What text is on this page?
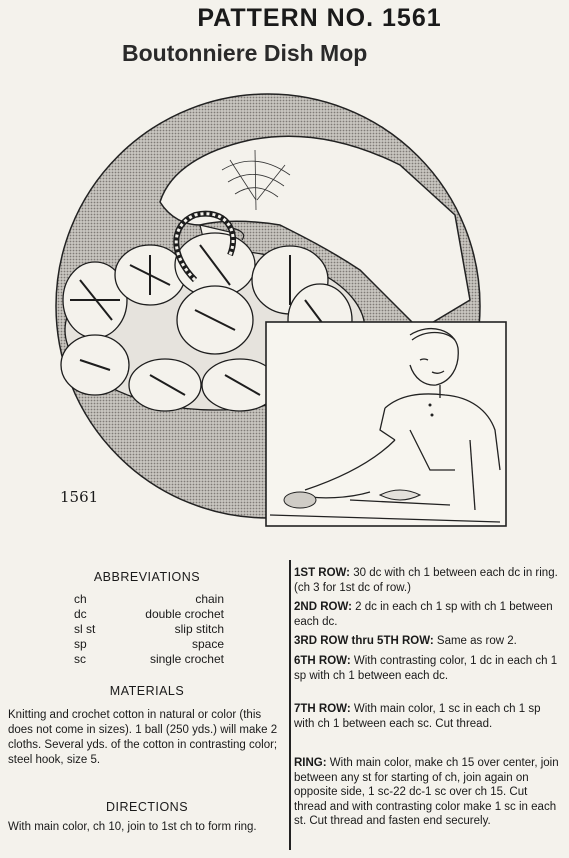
PATTERN NO. 1561
Boutonniere Dish Mop
1561
ABBREVIATIONS
ch	chain
dc	double crochet
sl st	slip stitch
sp	space
sc	single crochet
MATERIALS
Knitting and crochet cotton in natural or color (this does not come in sizes). 1 ball (250 yds.) will make 2 cloths. Several yds. of the cotton in contrasting color; steel hook, size 5.
DIRECTIONS
With main color, ch 10, join to 1st ch to form ring.

1ST ROW: 30 dc with ch 1 between each dc in ring. (ch 3 for 1st dc of row.)

2ND ROW: 2 dc in each ch 1 sp with ch 1 between each dc.

3RD ROW thru 5TH ROW: Same as row 2.

6TH ROW: With contrasting color, 1 dc in each ch 1 sp with ch 1 between each dc.

7TH ROW: With main color, 1 sc in each ch 1 sp with ch 1 between each sc. Cut thread.

RING: With main color, make ch 15 over center, join between any st for starting of ch, join again on opposite side, 1 sc-22 dc-1 sc over ch 15. Cut thread and with contrasting color make 1 sc in each st. Cut thread and fasten end securely.
